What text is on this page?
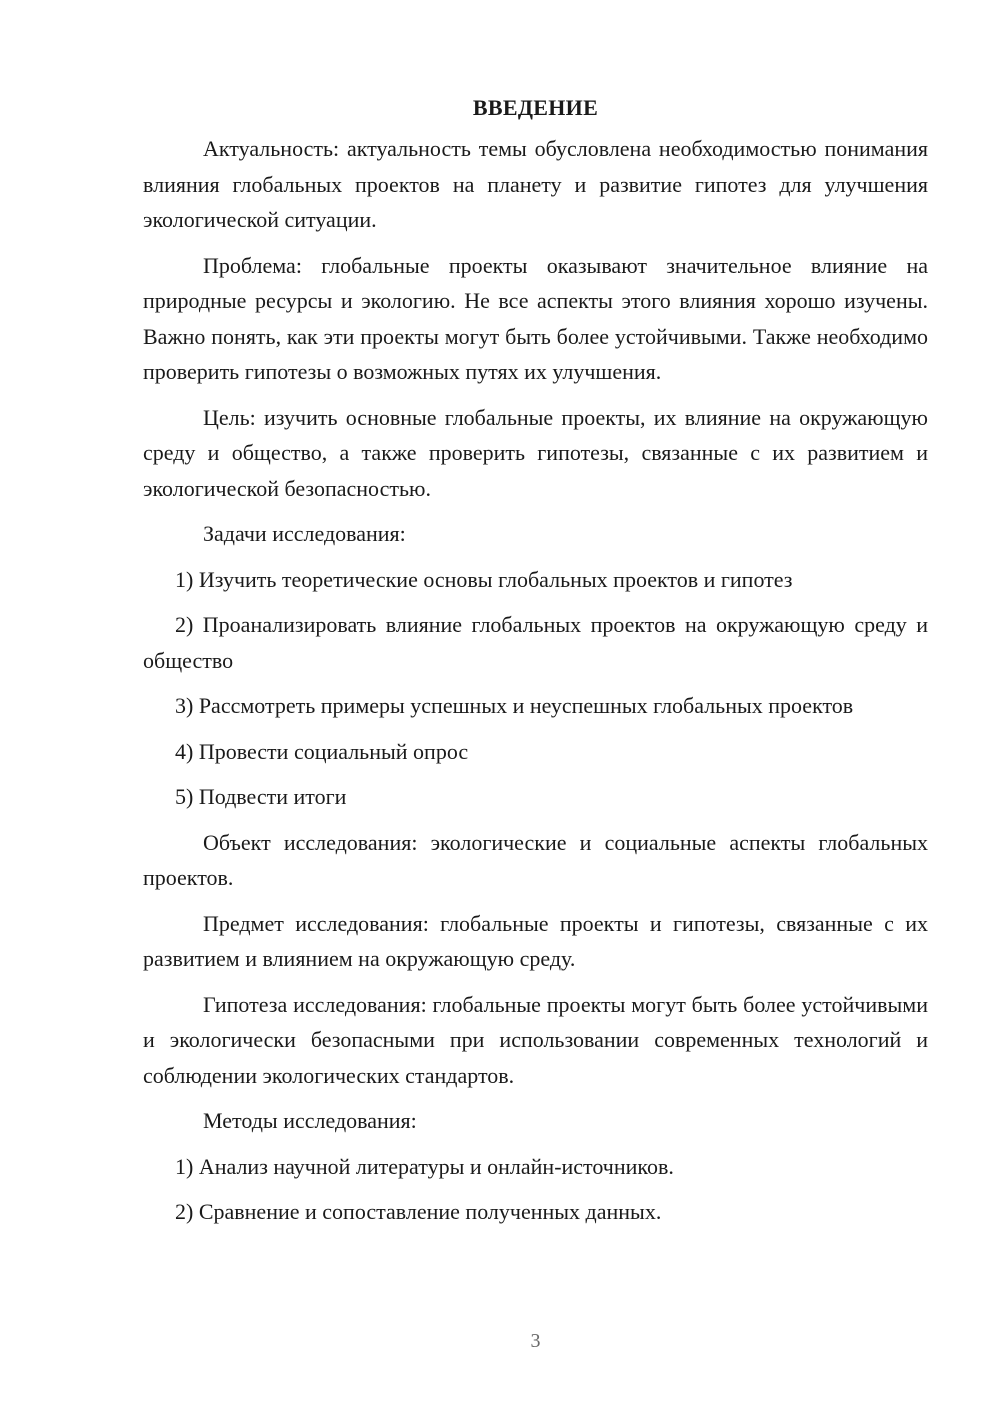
ВВЕДЕНИЕ

Актуальность: актуальность темы обусловлена необходимостью понимания влияния глобальных проектов на планету и развитие гипотез для улучшения экологической ситуации.

Проблема: глобальные проекты оказывают значительное влияние на природные ресурсы и экологию. Не все аспекты этого влияния хорошо изучены. Важно понять, как эти проекты могут быть более устойчивыми. Также необходимо проверить гипотезы о возможных путях их улучшения.

Цель: изучить основные глобальные проекты, их влияние на окружающую среду и общество, а также проверить гипотезы, связанные с их развитием и экологической безопасностью.

Задачи исследования:

1) Изучить теоретические основы глобальных проектов и гипотез

2) Проанализировать влияние глобальных проектов на окружающую среду и общество

3) Рассмотреть примеры успешных и неуспешных глобальных проектов

4) Провести социальный опрос

5) Подвести итоги

Объект исследования: экологические и социальные аспекты глобальных проектов.

Предмет исследования: глобальные проекты и гипотезы, связанные с их развитием и влиянием на окружающую среду.

Гипотеза исследования: глобальные проекты могут быть более устойчивыми и экологически безопасными при использовании современных технологий и соблюдении экологических стандартов.

Методы исследования:

1) Анализ научной литературы и онлайн-источников.

2) Сравнение и сопоставление полученных данных.

3
